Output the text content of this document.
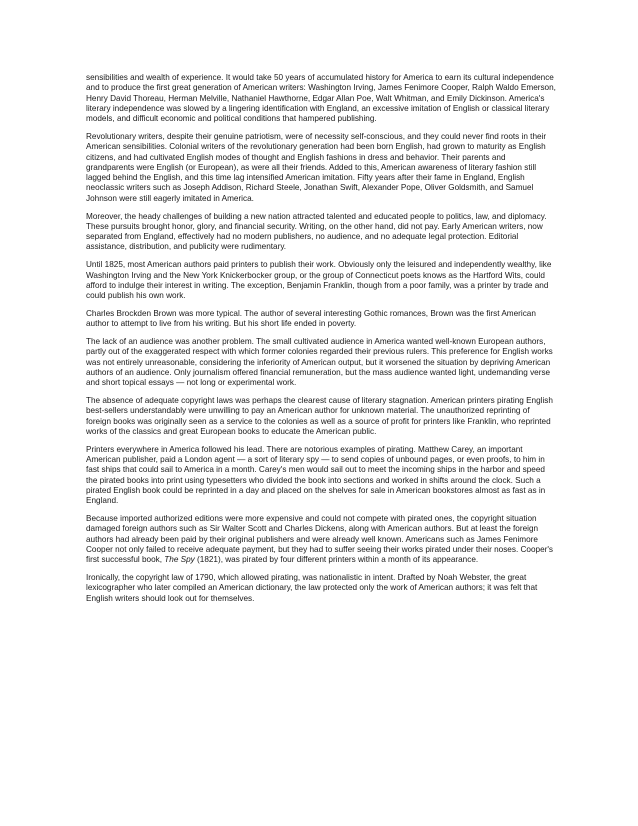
sensibilities and wealth of experience. It would take 50 years of accumulated history for America to earn its cultural independence and to produce the first great generation of American writers: Washington Irving, James Fenimore Cooper, Ralph Waldo Emerson, Henry David Thoreau, Herman Melville, Nathaniel Hawthorne, Edgar Allan Poe, Walt Whitman, and Emily Dickinson. America's literary independence was slowed by a lingering identification with England, an excessive imitation of English or classical literary models, and difficult economic and political conditions that hampered publishing.

Revolutionary writers, despite their genuine patriotism, were of necessity self-conscious, and they could never find roots in their American sensibilities. Colonial writers of the revolutionary generation had been born English, had grown to maturity as English citizens, and had cultivated English modes of thought and English fashions in dress and behavior. Their parents and grandparents were English (or European), as were all their friends. Added to this, American awareness of literary fashion still lagged behind the English, and this time lag intensified American imitation. Fifty years after their fame in England, English neoclassic writers such as Joseph Addison, Richard Steele, Jonathan Swift, Alexander Pope, Oliver Goldsmith, and Samuel Johnson were still eagerly imitated in America.

Moreover, the heady challenges of building a new nation attracted talented and educated people to politics, law, and diplomacy. These pursuits brought honor, glory, and financial security. Writing, on the other hand, did not pay. Early American writers, now separated from England, effectively had no modern publishers, no audience, and no adequate legal protection. Editorial assistance, distribution, and publicity were rudimentary.

Until 1825, most American authors paid printers to publish their work. Obviously only the leisured and independently wealthy, like Washington Irving and the New York Knickerbocker group, or the group of Connecticut poets knows as the Hartford Wits, could afford to indulge their interest in writing. The exception, Benjamin Franklin, though from a poor family, was a printer by trade and could publish his own work.

Charles Brockden Brown was more typical. The author of several interesting Gothic romances, Brown was the first American author to attempt to live from his writing. But his short life ended in poverty.

The lack of an audience was another problem. The small cultivated audience in America wanted well-known European authors, partly out of the exaggerated respect with which former colonies regarded their previous rulers. This preference for English works was not entirely unreasonable, considering the inferiority of American output, but it worsened the situation by depriving American authors of an audience. Only journalism offered financial remuneration, but the mass audience wanted light, undemanding verse and short topical essays — not long or experimental work.

The absence of adequate copyright laws was perhaps the clearest cause of literary stagnation. American printers pirating English best-sellers understandably were unwilling to pay an American author for unknown material. The unauthorized reprinting of foreign books was originally seen as a service to the colonies as well as a source of profit for printers like Franklin, who reprinted works of the classics and great European books to educate the American public.

Printers everywhere in America followed his lead. There are notorious examples of pirating. Matthew Carey, an important American publisher, paid a London agent — a sort of literary spy — to send copies of unbound pages, or even proofs, to him in fast ships that could sail to America in a month. Carey's men would sail out to meet the incoming ships in the harbor and speed the pirated books into print using typesetters who divided the book into sections and worked in shifts around the clock. Such a pirated English book could be reprinted in a day and placed on the shelves for sale in American bookstores almost as fast as in England.

Because imported authorized editions were more expensive and could not compete with pirated ones, the copyright situation damaged foreign authors such as Sir Walter Scott and Charles Dickens, along with American authors. But at least the foreign authors had already been paid by their original publishers and were already well known. Americans such as James Fenimore Cooper not only failed to receive adequate payment, but they had to suffer seeing their works pirated under their noses. Cooper's first successful book, The Spy (1821), was pirated by four different printers within a month of its appearance.

Ironically, the copyright law of 1790, which allowed pirating, was nationalistic in intent. Drafted by Noah Webster, the great lexicographer who later compiled an American dictionary, the law protected only the work of American authors; it was felt that English writers should look out for themselves.
